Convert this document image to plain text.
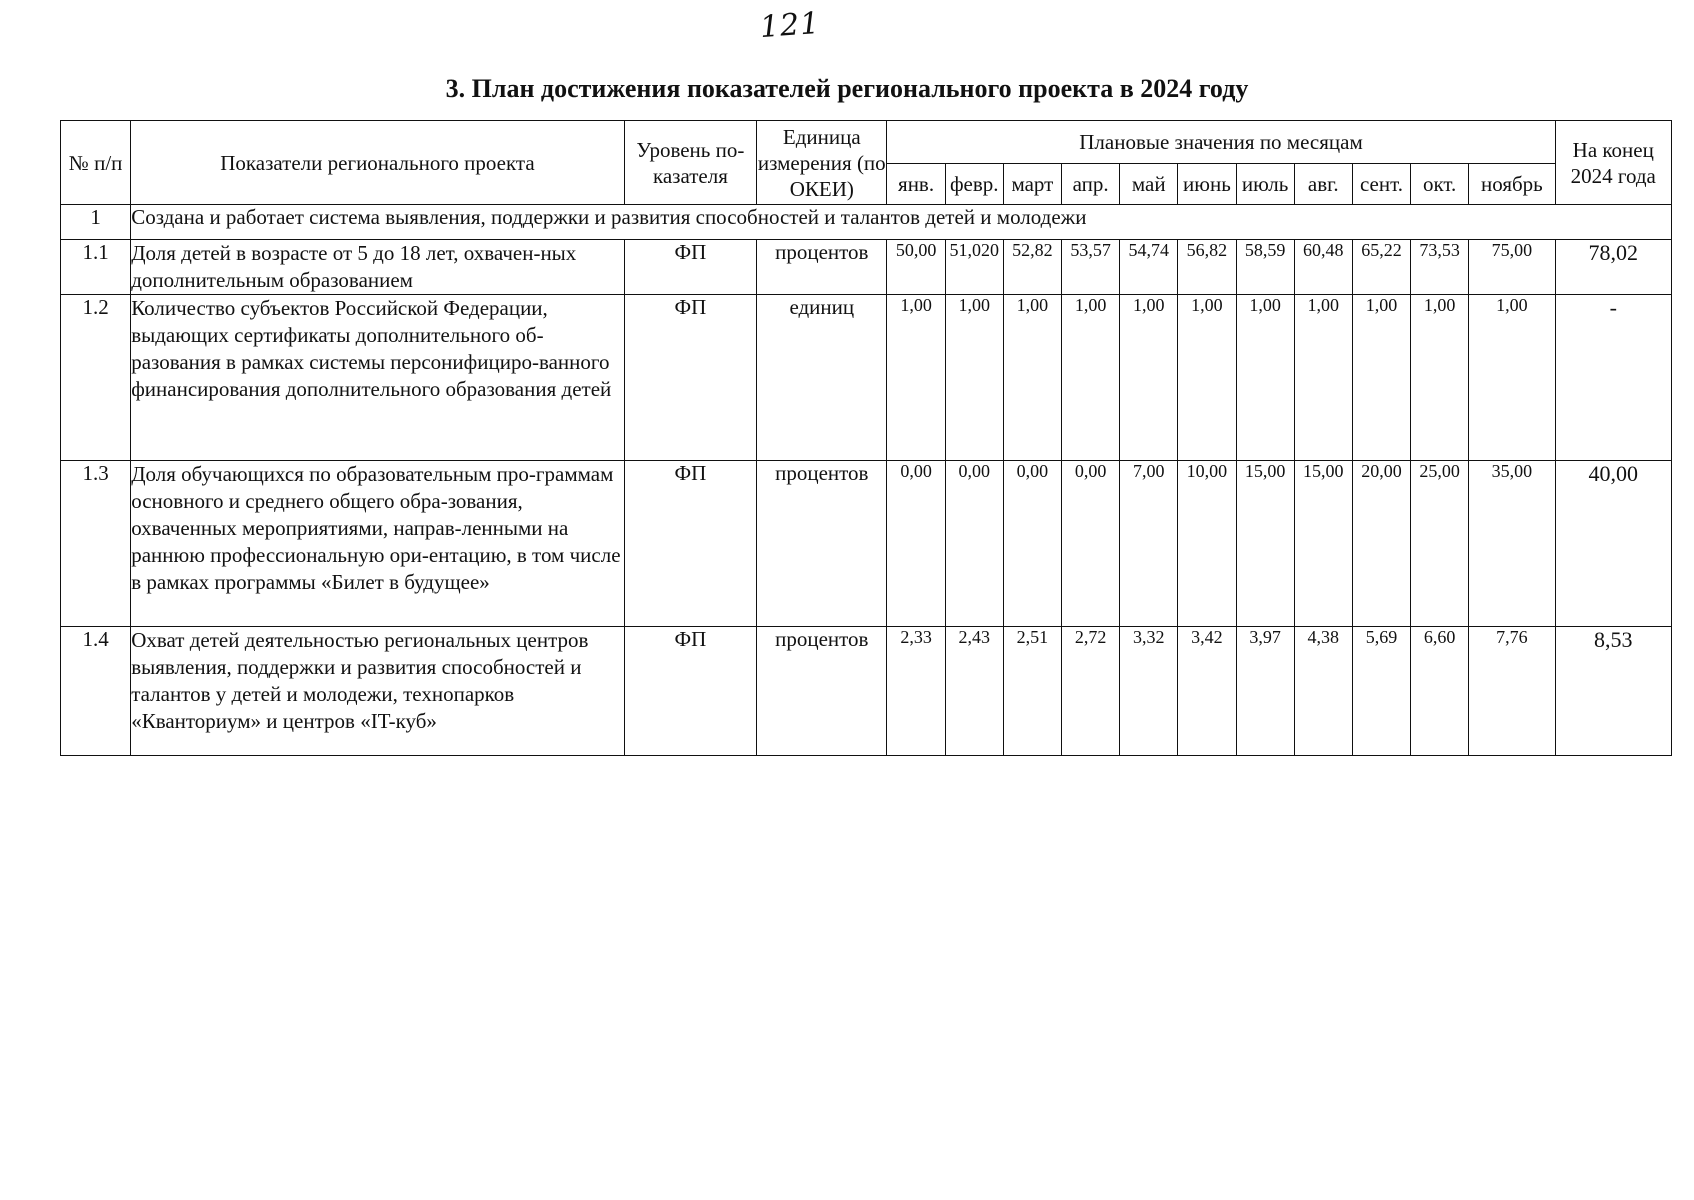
121
3. План достижения показателей регионального проекта в 2024 году
№ п/п	Показатели регионального проекта	Уровень по-казателя	Единица измерения (по ОКЕИ)	Плановые значения по месяцам											На конец 2024 года
				янв.	февр.	март	апр.	май	июнь	июль	авг.	сент.	окт.	ноябрь	
1	Создана и работает система выявления, поддержки и развития способностей и талантов детей и молодежи														
1.1	Доля детей в возрасте от 5 до 18 лет, охвачен-ных дополнительным образованием	ФП	процентов	50,00	51,020	52,82	53,57	54,74	56,82	58,59	60,48	65,22	73,53	75,00	78,02
1.2	Количество субъектов Российской Федерации, выдающих сертификаты дополнительного об-разования в рамках системы персонифициро-ванного финансирования дополнительного образования детей	ФП	единиц	1,00	1,00	1,00	1,00	1,00	1,00	1,00	1,00	1,00	1,00	1,00	-
1.3	Доля обучающихся по образовательным про-граммам основного и среднего общего обра-зования, охваченных мероприятиями, направ-ленными на раннюю профессиональную ори-ентацию, в том числе в рамках программы «Билет в будущее»	ФП	процентов	0,00	0,00	0,00	0,00	7,00	10,00	15,00	15,00	20,00	25,00	35,00	40,00
1.4	Охват детей деятельностью региональных центров выявления, поддержки и развития способностей и талантов у детей и молодежи, технопарков «Кванториум» и центров «IT-куб»	ФП	процентов	2,33	2,43	2,51	2,72	3,32	3,42	3,97	4,38	5,69	6,60	7,76	8,53
